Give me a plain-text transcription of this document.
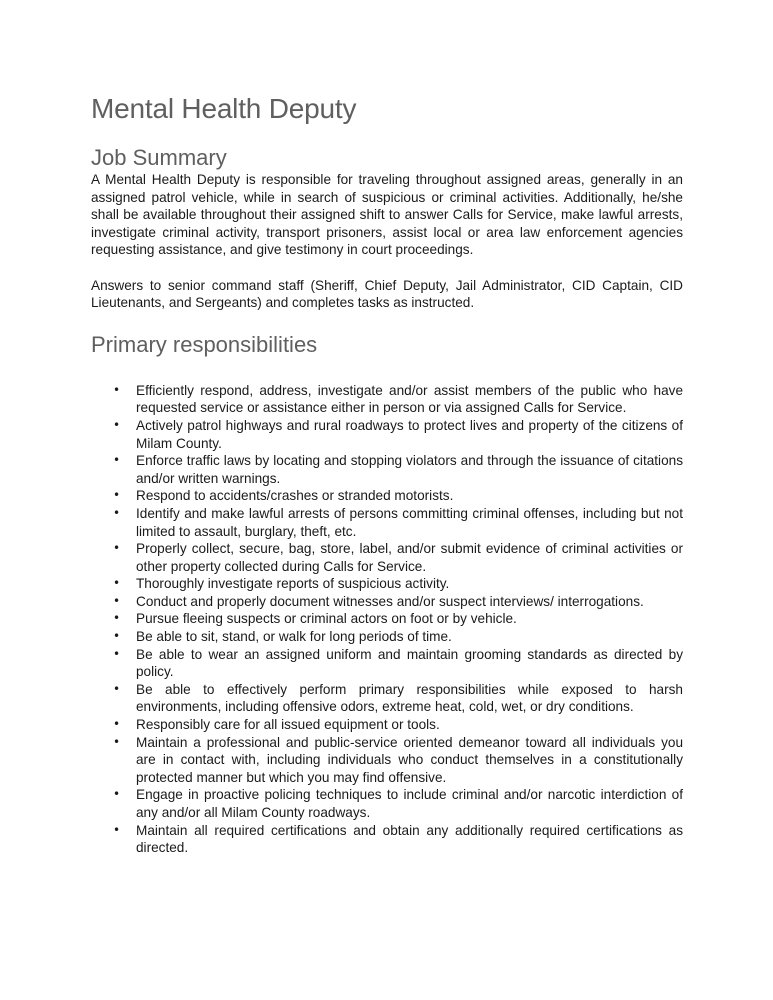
Mental Health Deputy
Job Summary

A Mental Health Deputy is responsible for traveling throughout assigned areas, generally in an assigned patrol vehicle, while in search of suspicious or criminal activities. Additionally, he/she shall be available throughout their assigned shift to answer Calls for Service, make lawful arrests, investigate criminal activity, transport prisoners, assist local or area law enforcement agencies requesting assistance, and give testimony in court proceedings.

Answers to senior command staff (Sheriff, Chief Deputy, Jail Administrator, CID Captain, CID Lieutenants, and Sergeants) and completes tasks as instructed.

Primary responsibilities
• Efficiently respond, address, investigate and/or assist members of the public who have requested service or assistance either in person or via assigned Calls for Service.
• Actively patrol highways and rural roadways to protect lives and property of the citizens of Milam County.
• Enforce traffic laws by locating and stopping violators and through the issuance of citations and/or written warnings.
• Respond to accidents/crashes or stranded motorists.
• Identify and make lawful arrests of persons committing criminal offenses, including but not limited to assault, burglary, theft, etc.
• Properly collect, secure, bag, store, label, and/or submit evidence of criminal activities or other property collected during Calls for Service.
• Thoroughly investigate reports of suspicious activity.
• Conduct and properly document witnesses and/or suspect interviews/ interrogations.
• Pursue fleeing suspects or criminal actors on foot or by vehicle.
• Be able to sit, stand, or walk for long periods of time.
• Be able to wear an assigned uniform and maintain grooming standards as directed by policy.
• Be able to effectively perform primary responsibilities while exposed to harsh environments, including offensive odors, extreme heat, cold, wet, or dry conditions.
• Responsibly care for all issued equipment or tools.
• Maintain a professional and public-service oriented demeanor toward all individuals you are in contact with, including individuals who conduct themselves in a constitutionally protected manner but which you may find offensive.
• Engage in proactive policing techniques to include criminal and/or narcotic interdiction of any and/or all Milam County roadways.
• Maintain all required certifications and obtain any additionally required certifications as directed.
